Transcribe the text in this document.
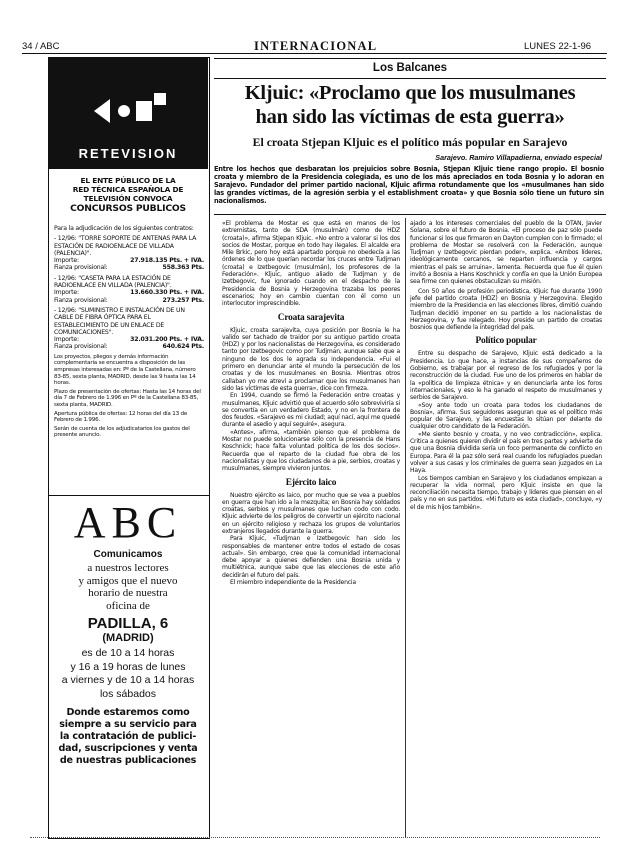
34 / ABC	INTERNACIONAL	LUNES 22-1-96
RETEVISION
EL ENTE PÚBLICO DE LA
RED TÉCNICA ESPAÑOLA DE
TELEVISIÓN CONVOCA
CONCURSOS PUBLICOS
Para la adjudicación de los siguientes contratos:
- 12/96: "TORRE SOPORTE DE ANTENAS PARA LA ESTACIÓN DE RADIOENLACE DE VILLADA (PALENCIA)".
Importe:	27.918.135 Pts. + IVA.
Fianza provisional:	558.363 Pts.
- 12/96: "CASETA PARA LA ESTACIÓN DE RADIOENLACE EN VILLADA (PALENCIA)".
Importe:	13.660.330 Pts. + IVA.
Fianza provisional:	273.257 Pts.
- 12/96: "SUMINISTRO E INSTALACIÓN DE UN CABLE DE FIBRA ÓPTICA PARA EL ESTABLECIMIENTO DE UN ENLACE DE COMUNICACIONES".
Importe:	32.031.200 Pts. + IVA.
Fianza provisional:	640.624 Pts.
Los proyectos, pliegos y demás información complementaria se encuentra a disposición de las empresas interesadas en: Pº de la Castellana, número 83-85, sexta planta, MADRID, desde las 9 hasta las 14 horas.
Plazo de presentación de ofertas: Hasta las 14 horas del día 7 de Febrero de 1.996 en Pº de la Castellana 83-85, sexta planta, MADRID.
Apertura pública de ofertas: 12 horas del día 13 de Febrero de 1.996.
Serán de cuenta de los adjudicatarios los gastos del presente anuncio.
ABC
Comunicamos
a nuestros lectores
y amigos que el nuevo
horario de nuestra
oficina de
PADILLA, 6
(MADRID)
es de 10 a 14 horas
y 16 a 19 horas de lunes
a viernes y de 10 a 14 horas
los sábados
Donde estaremos como
siempre a su servicio para
la contratación de publici-
dad, suscripciones y venta
de nuestras publicaciones
Los Balcanes
Kljuic: «Proclamo que los musulmanes
han sido las víctimas de esta guerra»
El croata Stjepan Kljuic es el político más popular en Sarajevo
Sarajevo. Ramiro Villapadierna, enviado especial
Entre los hechos que desbaratan los prejuicios sobre Bosnia, Stjepan Kljuic tiene rango propio. El bosnio croata y miembro de la Presidencia colegiada, es uno de los más apreciados en toda Bosnia y lo adoran en Sarajevo. Fundador del primer partido nacional, Kljuic afirma rotundamente que los «musulmanes han sido las grandes víctimas, de la agresión serbia y el establishment croata» y que Bosnia sólo tiene un futuro sin nacionalismos.

«El problema de Mostar es que está en manos de los extremistas, tanto de SDA (musulmán) como de HDZ (croata)», afirma Stjepan Kljuic. «No entro a valorar si los dos socios de Mostar, porque en todo hay ilegales. El alcalde era Mile Brkic, pero hoy está apartado porque no obedecía a las órdenes de lo que querían recordar los cruces entre Tudjman (croata) e Izetbegovic (musulmán), los profesores de la Federación». Kljuic, antiguo aliado de Tudjman y de Izetbegovic, fue ignorado cuando en el despacho de la Presidencia de Bosnia y Herzegovina trazaba los peores escenarios; hoy en cambio cuentan con él como un interlocutor imprescindible.

Croata sarajevita

Kljuic, croata sarajevita, cuya posición por Bosnia le ha valido ser tachado de traidor por su antiguo partido croata (HDZ) y por los nacionalistas de Herzegovina, es considerado tanto por Izetbegovic como por Tudjman, aunque sabe que a ninguno de los dos le agrada su independencia. «Fui el primero en denunciar ante el mundo la persecución de los croatas y de los musulmanes en Bosnia. Mientras otros callaban yo me atreví a proclamar que los musulmanes han sido las víctimas de esta guerra», dice con firmeza.

En 1994, cuando se firmó la Federación entre croatas y musulmanes, Kljuic advirtió que el acuerdo sólo sobreviviría si se convertía en un verdadero Estado, y no en la frontera de dos feudos. «Sarajevo es mi ciudad; aquí nací, aquí me quedé durante el asedio y aquí seguiré», asegura.

«Antes», afirma, «también pienso que el problema de Mostar no puede solucionarse sólo con la presencia de Hans Koschnick; hace falta voluntad política de los dos socios». Recuerda que el reparto de la ciudad fue obra de los nacionalistas y que los ciudadanos de a pie, serbios, croatas y musulmanes, siempre vivieron juntos.

Ejército laico

Nuestro ejército es laico, por mucho que se vea a pueblos en guerra que han ido a la mezquita; en Bosnia hay soldados croatas, serbios y musulmanes que luchan codo con codo. Kljuic advierte de los peligros de convertir un ejército nacional en un ejército religioso y rechaza los grupos de voluntarios extranjeros llegados durante la guerra.

Para Kljuic, «Tudjman e Izetbegovic han sido los responsables de mantener entre todos el estado de cosas actual». Sin embargo, cree que la comunidad internacional debe apoyar a quienes defienden una Bosnia unida y multiétnica, aunque sabe que las elecciones de este año decidirán el futuro del país.

El miembro independiente de la Presidencia

ajado a los intereses comerciales del pueblo de la OTAN, Javier Solana, sobre el futuro de Bosnia. «El proceso de paz sólo puede funcionar si los que firmaron en Dayton cumplen con lo firmado; el problema de Mostar se resolverá con la Federación, aunque Tudjman y Izetbegovic pierdan poder», explica. «Ambos líderes, ideológicamente cercanos, se reparten influencia y cargos mientras el país se arruina», lamenta. Recuerda que fue él quien invitó a Bosnia a Hans Koschnick y confía en que la Unión Europea sea firme con quienes obstaculizan su misión.

Con 50 años de profesión periodística, Kljuic fue durante 1990 jefe del partido croata (HDZ) en Bosnia y Herzegovina. Elegido miembro de la Presidencia en las elecciones libres, dimitió cuando Tudjman decidió imponer en su partido a los nacionalistas de Herzegovina, y fue relegado. Hoy preside un partido de croatas bosnios que defiende la integridad del país.

Político popular

Entre su despacho de Sarajevo, Kljuic está dedicado a la Presidencia. Lo que hace, a instancias de sus compañeros de Gobierno, es trabajar por el regreso de los refugiados y por la reconstrucción de la ciudad. Fue uno de los primeros en hablar de la «política de limpieza étnica» y en denunciarla ante los foros internacionales, y eso le ha ganado el respeto de musulmanes y serbios de Sarajevo.

«Soy ante todo un croata para todos los ciudadanos de Bosnia», afirma. Sus seguidores aseguran que es el político más popular de Sarajevo, y las encuestas lo sitúan por delante de cualquier otro candidato de la Federación.

«Me siento bosnio y croata, y no veo contradicción», explica. Critica a quienes quieren dividir el país en tres partes y advierte de que una Bosnia dividida sería un foco permanente de conflicto en Europa. Para él la paz sólo será real cuando los refugiados puedan volver a sus casas y los criminales de guerra sean juzgados en La Haya.

Los tiempos cambian en Sarajevo y los ciudadanos empiezan a recuperar la vida normal, pero Kljuic insiste en que la reconciliación necesita tiempo, trabajo y líderes que piensen en el país y no en sus partidos. «Mi futuro es esta ciudad», concluye, «y el de mis hijos también».
